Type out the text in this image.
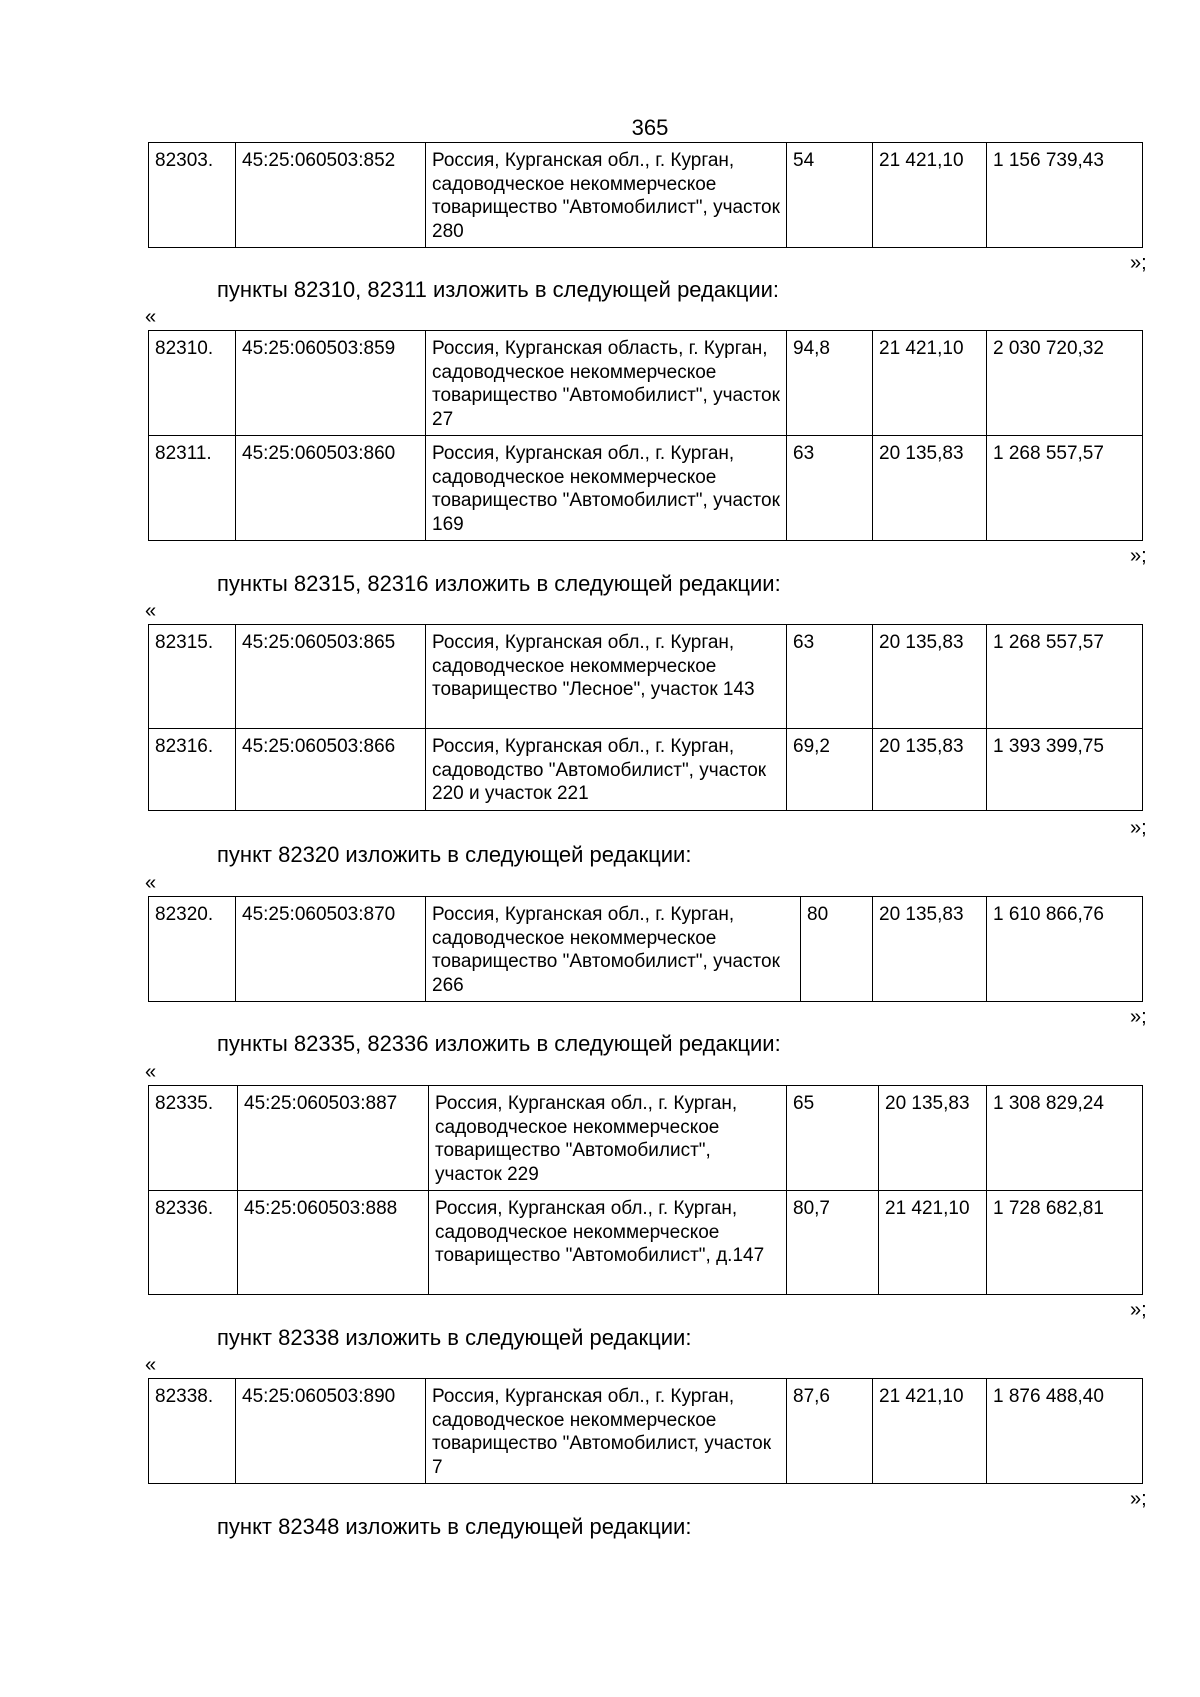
365
82303.	45:25:060503:852	Россия, Курганская обл., г. Курган, садоводческое некоммерческое товарищество "Автомобилист", участок 280	54	21 421,10	1 156 739,43
»;
пункты 82310, 82311 изложить в следующей редакции:
«
82310.	45:25:060503:859	Россия, Курганская область, г. Курган, садоводческое некоммерческое товарищество "Автомобилист", участок 27	94,8	21 421,10	2 030 720,32
82311.	45:25:060503:860	Россия, Курганская обл., г. Курган, садоводческое некоммерческое товарищество "Автомобилист", участок 169	63	20 135,83	1 268 557,57
»;
пункты 82315, 82316 изложить в следующей редакции:
«
82315.	45:25:060503:865	Россия, Курганская обл., г. Курган, садоводческое некоммерческое товарищество "Лесное", участок 143	63	20 135,83	1 268 557,57
82316.	45:25:060503:866	Россия, Курганская обл., г. Курган, садоводство "Автомобилист", участок 220 и участок 221	69,2	20 135,83	1 393 399,75
»;
пункт 82320 изложить в следующей редакции:
«
82320.	45:25:060503:870	Россия, Курганская обл., г. Курган, садоводческое некоммерческое товарищество "Автомобилист", участок 266	80	20 135,83	1 610 866,76
»;
пункты 82335, 82336 изложить в следующей редакции:
«
82335.	45:25:060503:887	Россия, Курганская обл., г. Курган, садоводческое некоммерческое товарищество "Автомобилист", участок 229	65	20 135,83	1 308 829,24
82336.	45:25:060503:888	Россия, Курганская обл., г. Курган, садоводческое некоммерческое товарищество "Автомобилист", д.147	80,7	21 421,10	1 728 682,81
»;
пункт 82338 изложить в следующей редакции:
«
82338.	45:25:060503:890	Россия, Курганская обл., г. Курган, садоводческое некоммерческое товарищество "Автомобилист, участок 7	87,6	21 421,10	1 876 488,40
»;
пункт 82348 изложить в следующей редакции:
